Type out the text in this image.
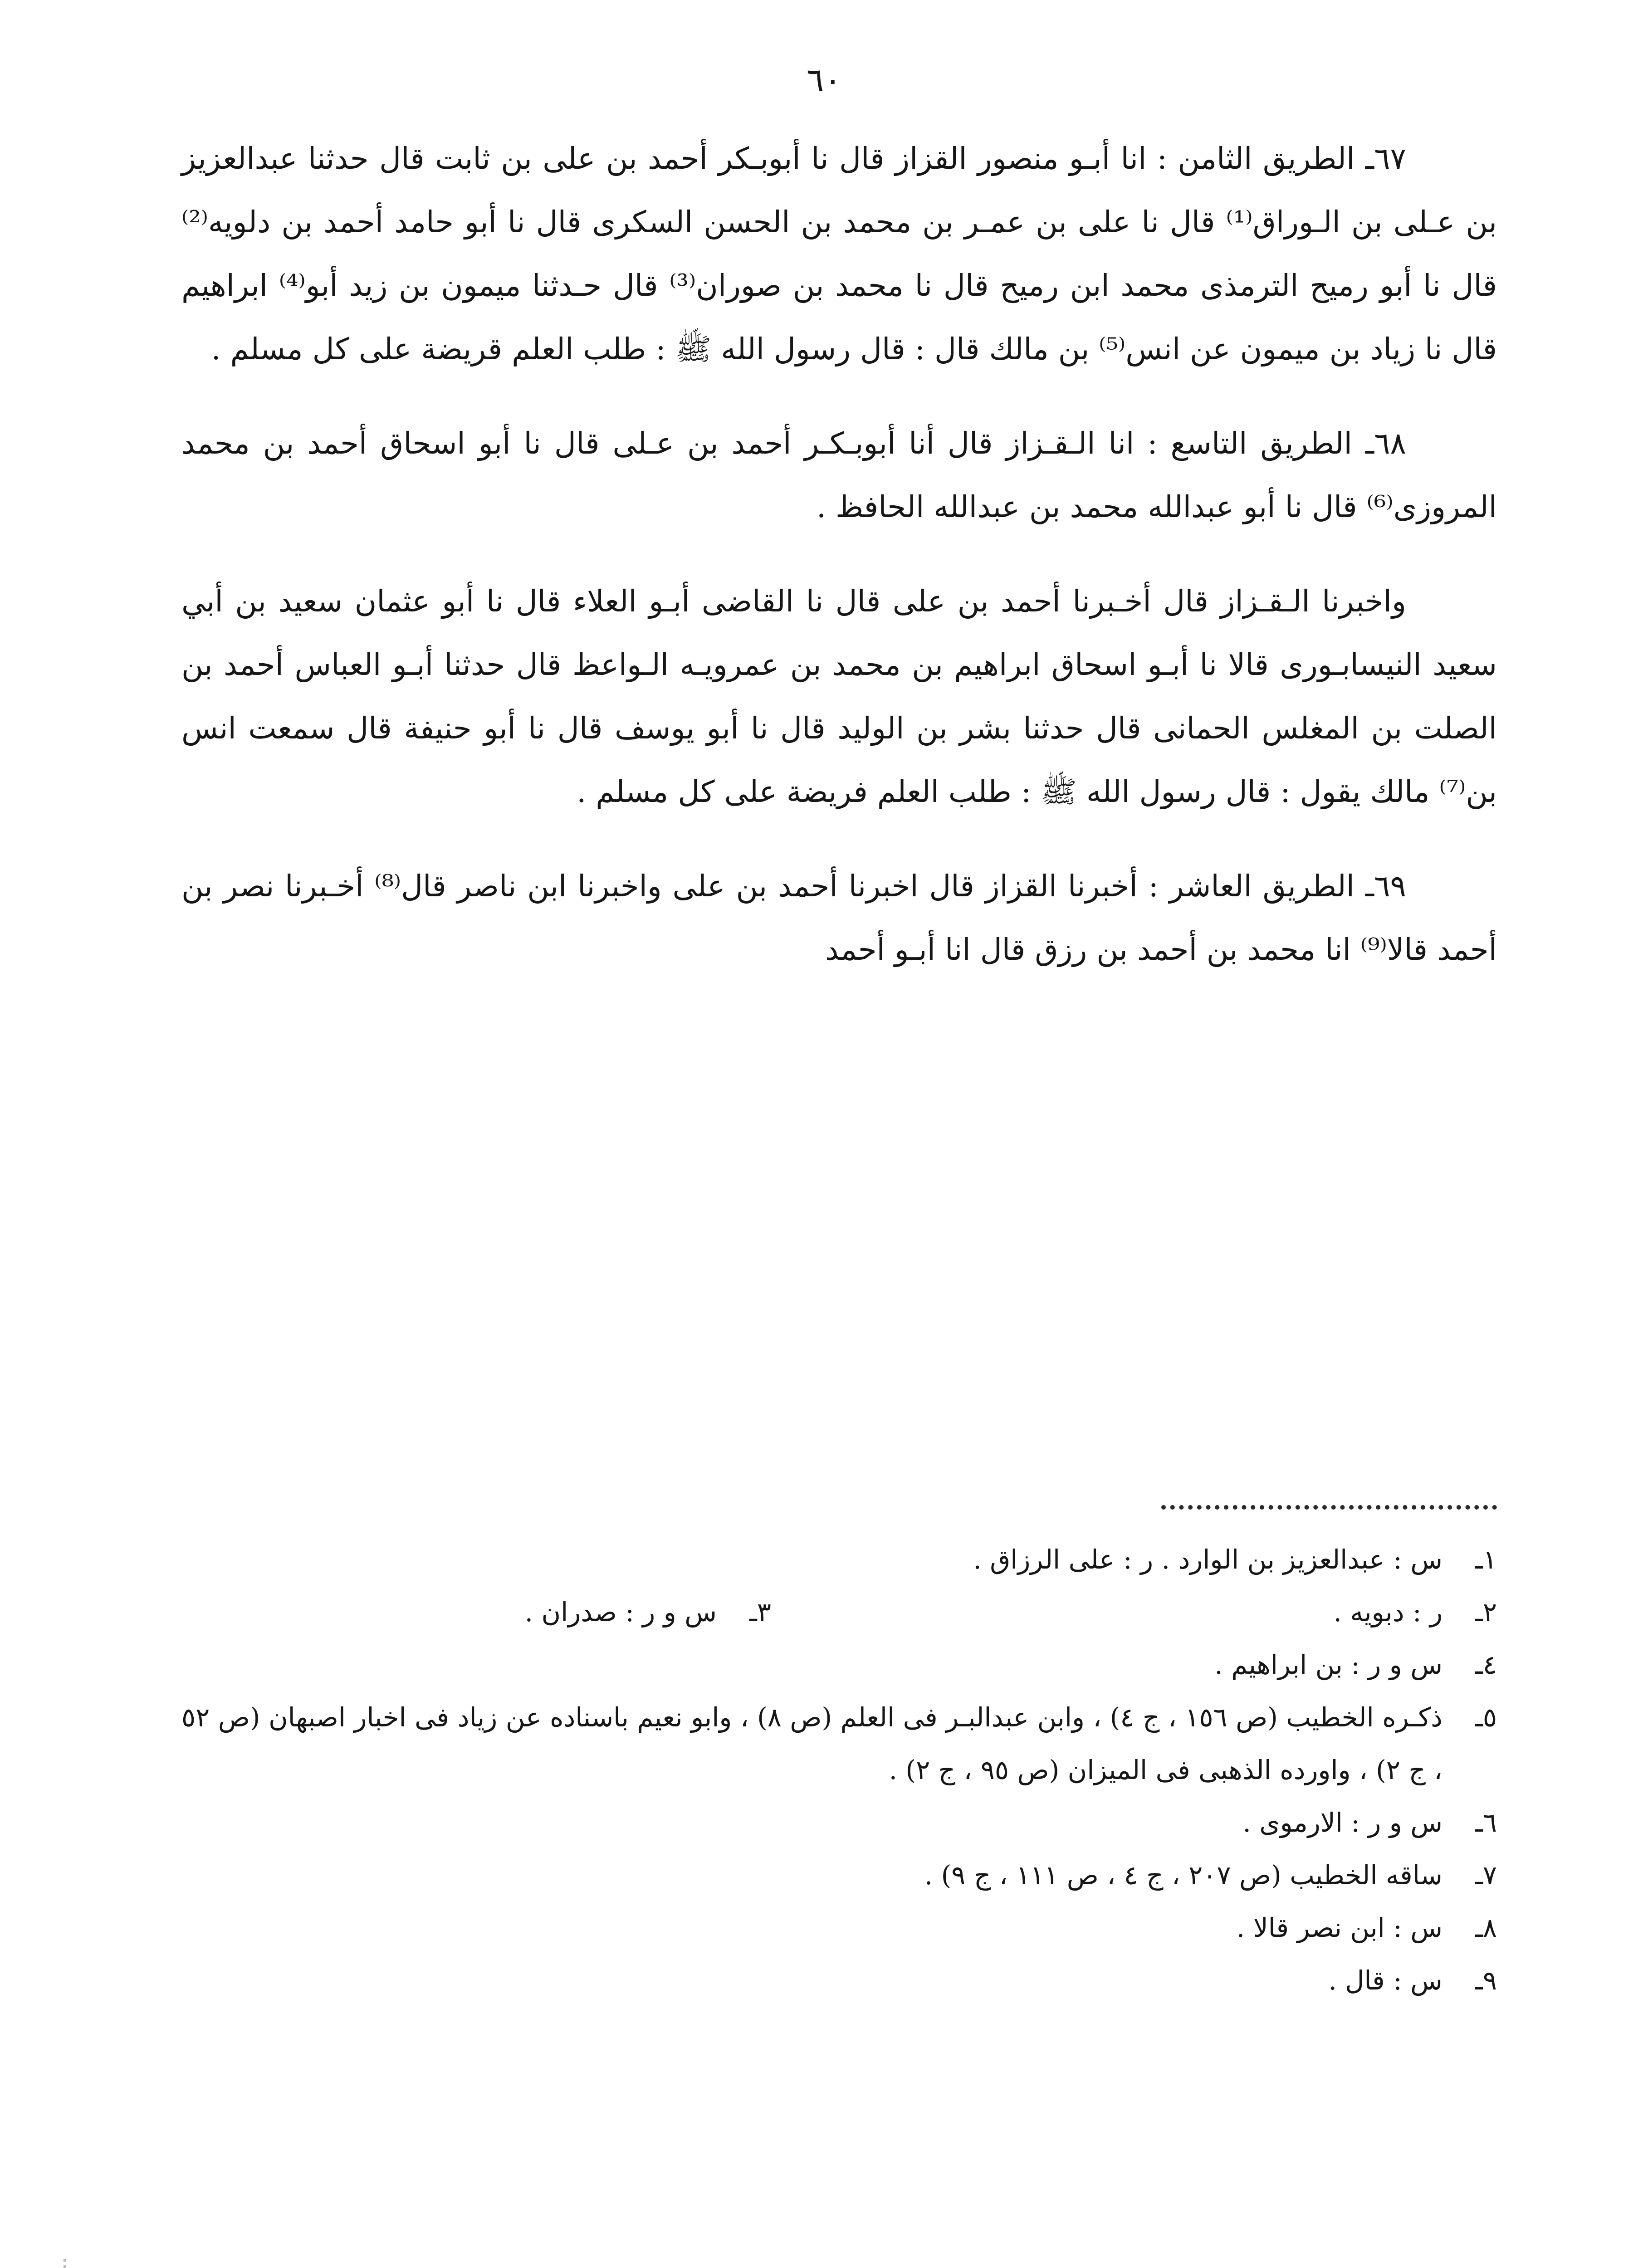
٦٠

٦٧ـ الطريق الثامن : انا أبـو منصور القزاز قال نا أبوبـكر أحمد بن على بن ثابت قال حدثنا عبدالعزيز بن عـلى بن الـوراق⁽¹⁾ قال نا على بن عمـر بن محمد بن الحسن السكرى قال نا أبو حامد أحمد بن دلويه⁽²⁾ قال نا أبو رميح الترمذى محمد ابن رميح قال نا محمد بن صوران⁽³⁾ قال حـدثنا ميمون بن زيد أبو⁽⁴⁾ ابراهيم قال نا زياد بن ميمون عن انس⁽⁵⁾ بن مالك قال : قال رسول الله ﷺ : طلب العلم قريضة على كل مسلم .

٦٨ـ الطريق التاسع : انا الـقـزاز قال أنا أبوبـكـر أحمد بن عـلى قال نا أبو اسحاق أحمد بن محمد المروزى⁽⁶⁾ قال نا أبو عبدالله محمد بن عبدالله الحافظ .

واخبرنا الـقـزاز قال أخـبرنا أحمد بن على قال نا القاضى أبـو العلاء قال نا أبو عثمان سعيد بن أبي سعيد النيسابـورى قالا نا أبـو اسحاق ابراهيم بن محمد بن عمرويـه الـواعظ قال حدثنا أبـو العباس أحمد بن الصلت بن المغلس الحمانى قال حدثنا بشر بن الوليد قال نا أبو يوسف قال نا أبو حنيفة قال سمعت انس بن⁽⁷⁾ مالك يقول : قال رسول الله ﷺ : طلب العلم فريضة على كل مسلم .

٦٩ـ الطريق العاشر : أخبرنا القزاز قال اخبرنا أحمد بن على واخبرنا ابن ناصر قال⁽⁸⁾ أخـبرنا نصر بن أحمد قالا⁽⁹⁾ انا محمد بن أحمد بن رزق قال انا أبـو أحمد

١ـ
س : عبدالعزيز بن الوارد . ر : على الرزاق .
٢ـر : دبويه .
٣ـس و ر : صدران .
٤ـ
س و ر : بن ابراهيم .
٥ـ
ذكـره الخطيب (ص ١٥٦ ، ج ٤) ، وابن عبدالبـر فى العلم (ص ٨) ، وابو نعيم باسناده عن زياد فى اخبار اصبهان (ص ٥٢ ، ج ٢) ، واورده الذهبى فى الميزان (ص ٩٥ ، ج ٢) .
٦ـ
س و ر : الارموى .
٧ـ
ساقه الخطيب (ص ٢٠٧ ، ج ٤ ، ص ١١١ ، ج ٩) .
٨ـ
س : ابن نصر قالا .
٩ـ
س : قال .
